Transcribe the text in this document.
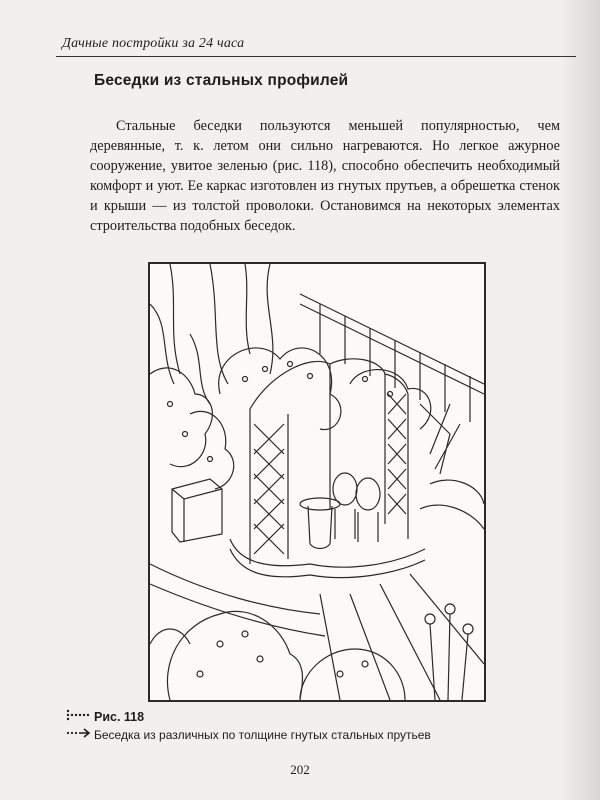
Дачные постройки за 24 часа
Беседки из стальных профилей

Стальные беседки пользуются меньшей популярностью, чем деревянные, т. к. летом они сильно нагреваются. Но легкое ажурное сооружение, увитое зеленью (рис. 118), способно обеспечить необходимый комфорт и уют. Ее каркас изготовлен из гнутых прутьев, а обрешетка стенок и крыши — из толстой проволоки. Остановимся на некоторых элементах строительства подобных беседок.

Рис. 118
Беседка из различных по толщине гнутых стальных прутьев
202
